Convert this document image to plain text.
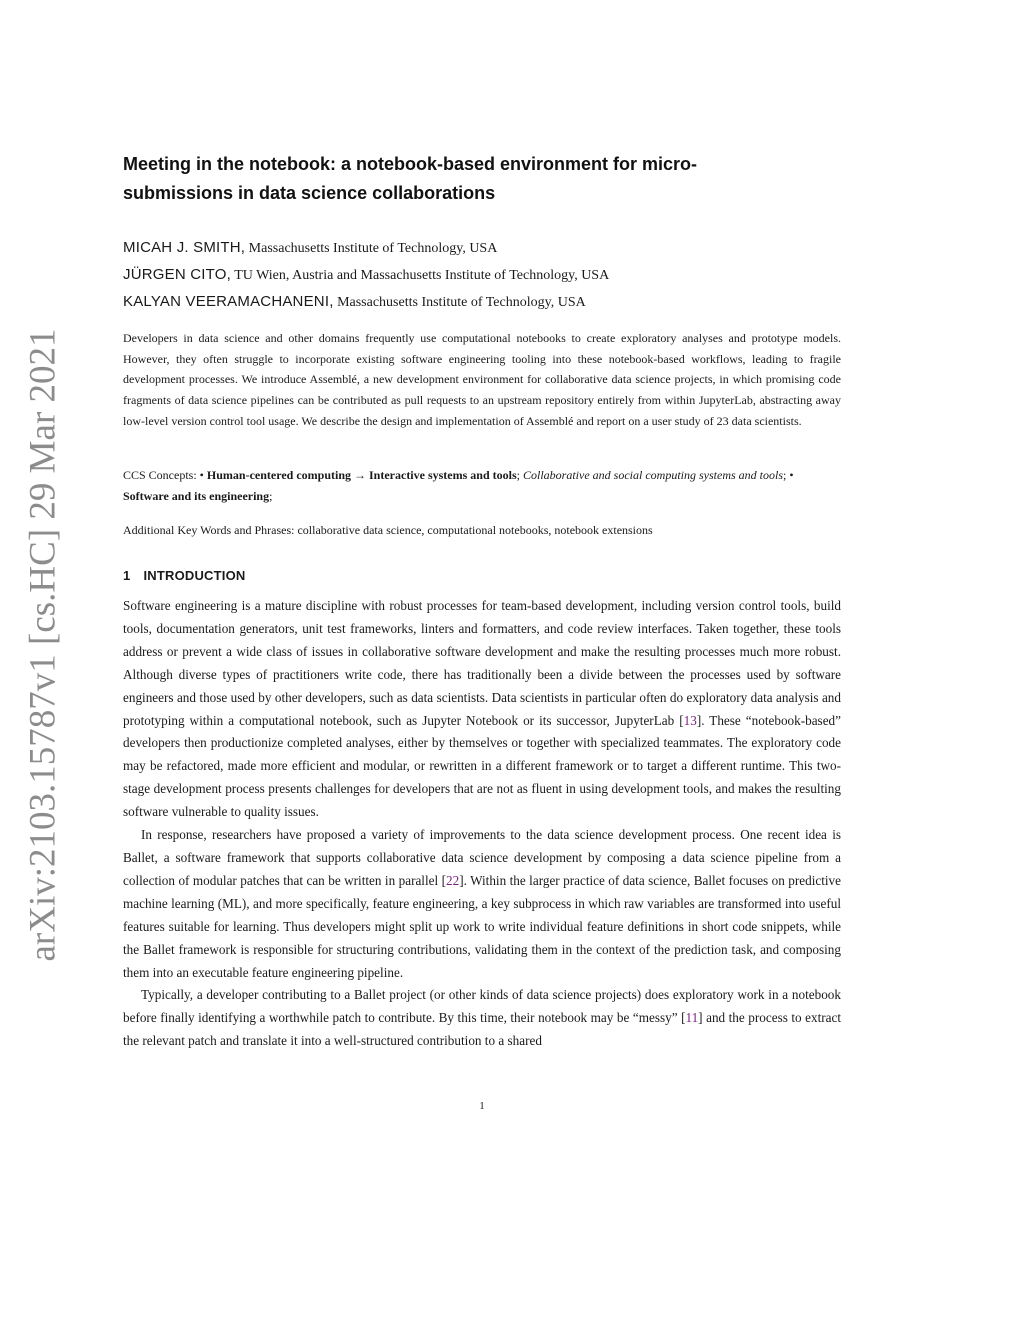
arXiv:2103.15787v1 [cs.HC] 29 Mar 2021
Meeting in the notebook: a notebook-based environment for micro-submissions in data science collaborations
MICAH J. SMITH, Massachusetts Institute of Technology, USA
JÜRGEN CITO, TU Wien, Austria and Massachusetts Institute of Technology, USA
KALYAN VEERAMACHANENI, Massachusetts Institute of Technology, USA

Developers in data science and other domains frequently use computational notebooks to create exploratory analyses and prototype models. However, they often struggle to incorporate existing software engineering tooling into these notebook-based workflows, leading to fragile development processes. We introduce Assemblé, a new development environment for collaborative data science projects, in which promising code fragments of data science pipelines can be contributed as pull requests to an upstream repository entirely from within JupyterLab, abstracting away low-level version control tool usage. We describe the design and implementation of Assemblé and report on a user study of 23 data scientists.

CCS Concepts: • Human-centered computing → Interactive systems and tools; Collaborative and social computing systems and tools; • Software and its engineering;

Additional Key Words and Phrases: collaborative data science, computational notebooks, notebook extensions

1 INTRODUCTION

Software engineering is a mature discipline with robust processes for team-based development, including version control tools, build tools, documentation generators, unit test frameworks, linters and formatters, and code review interfaces. Taken together, these tools address or prevent a wide class of issues in collaborative software development and make the resulting processes much more robust. Although diverse types of practitioners write code, there has traditionally been a divide between the processes used by software engineers and those used by other developers, such as data scientists. Data scientists in particular often do exploratory data analysis and prototyping within a computational notebook, such as Jupyter Notebook or its successor, JupyterLab [13]. These “notebook-based” developers then productionize completed analyses, either by themselves or together with specialized teammates. The exploratory code may be refactored, made more efficient and modular, or rewritten in a different framework or to target a different runtime. This two-stage development process presents challenges for developers that are not as fluent in using development tools, and makes the resulting software vulnerable to quality issues.

In response, researchers have proposed a variety of improvements to the data science development process. One recent idea is Ballet, a software framework that supports collaborative data science development by composing a data science pipeline from a collection of modular patches that can be written in parallel [22]. Within the larger practice of data science, Ballet focuses on predictive machine learning (ML), and more specifically, feature engineering, a key subprocess in which raw variables are transformed into useful features suitable for learning. Thus developers might split up work to write individual feature definitions in short code snippets, while the Ballet framework is responsible for structuring contributions, validating them in the context of the prediction task, and composing them into an executable feature engineering pipeline.

Typically, a developer contributing to a Ballet project (or other kinds of data science projects) does exploratory work in a notebook before finally identifying a worthwhile patch to contribute. By this time, their notebook may be “messy” [11] and the process to extract the relevant patch and translate it into a well-structured contribution to a shared

1
